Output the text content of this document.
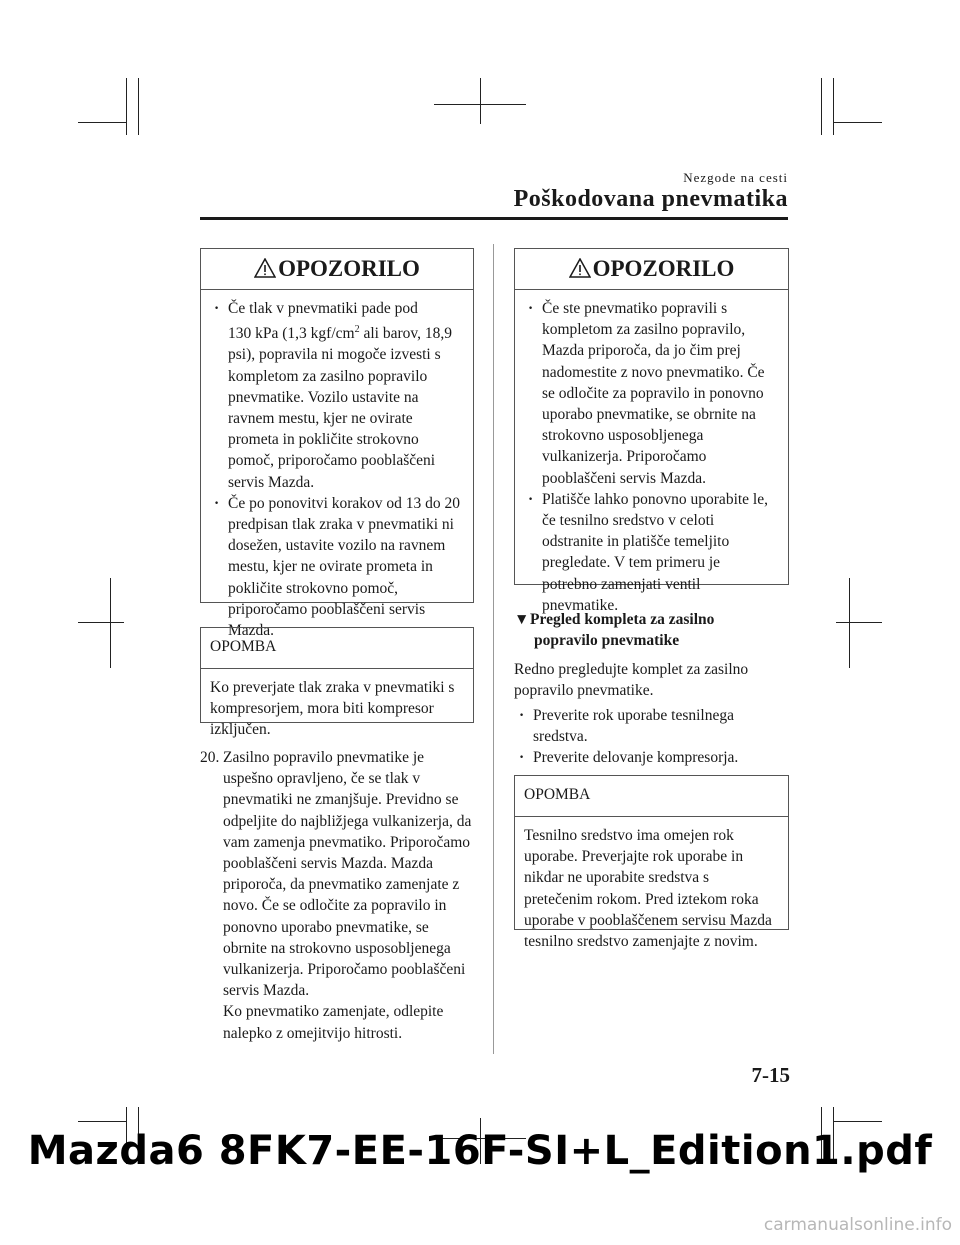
Nezgode na cesti
Poškodovana pnevmatika
OPOZORILO
· Če tlak v pnevmatiki pade pod
130 kPa (1,3 kgf/$cm^2$ ali barov, 18,9 psi), popravila ni mogoče izvesti s kompletom za zasilno popravilo pnevmatike. Vozilo ustavite na ravnem mestu, kjer ne ovirate prometa in pokličite strokovno pomoč, priporočamo pooblaščeni servis Mazda.
· Če po ponovitvi korakov od 13 do 20 predpisan tlak zraka v pnevmatiki ni dosežen, ustavite vozilo na ravnem mestu, kjer ne ovirate prometa in pokličite strokovno pomoč, priporočamo pooblaščeni servis Mazda.
OPOMBA
Ko preverjate tlak zraka v pnevmatiki s kompresorjem, mora biti kompresor izključen.
20. Zasilno popravilo pnevmatike je uspešno opravljeno, če se tlak v pnevmatiki ne zmanjšuje. Previdno se odpeljite do najbližjega vulkanizerja, da vam zamenja pnevmatiko. Priporočamo pooblaščeni servis Mazda. Mazda priporoča, da pnevmatiko zamenjate z novo. Če se odločite za popravilo in ponovno uporabo pnevmatike, se obrnite na strokovno usposobljenega vulkanizerja. Priporočamo pooblaščeni servis Mazda.
Ko pnevmatiko zamenjate, odlepite nalepko z omejitvijo hitrosti.
OPOZORILO
· Če ste pnevmatiko popravili s kompletom za zasilno popravilo, Mazda priporoča, da jo čim prej nadomestite z novo pnevmatiko. Če se odločite za popravilo in ponovno uporabo pnevmatike, se obrnite na strokovno usposobljenega vulkanizerja. Priporočamo pooblaščeni servis Mazda.
· Platišče lahko ponovno uporabite le, če tesnilno sredstvo v celoti odstranite in platišče temeljito pregledate. V tem primeru je potrebno zamenjati ventil pnevmatike.
▼Pregled kompleta za zasilno
popravilo pnevmatike
Redno pregledujte komplet za zasilno popravilo pnevmatike.
· Preverite rok uporabe tesnilnega sredstva.
· Preverite delovanje kompresorja.
OPOMBA
Tesnilno sredstvo ima omejen rok uporabe. Preverjajte rok uporabe in nikdar ne uporabite sredstva s pretečenim rokom. Pred iztekom roka uporabe v pooblaščenem servisu Mazda tesnilno sredstvo zamenjajte z novim.
7-15
Mazda6 8FK7-EE-16F-SI+L_Edition1.pdf
carmanualsonline.info
